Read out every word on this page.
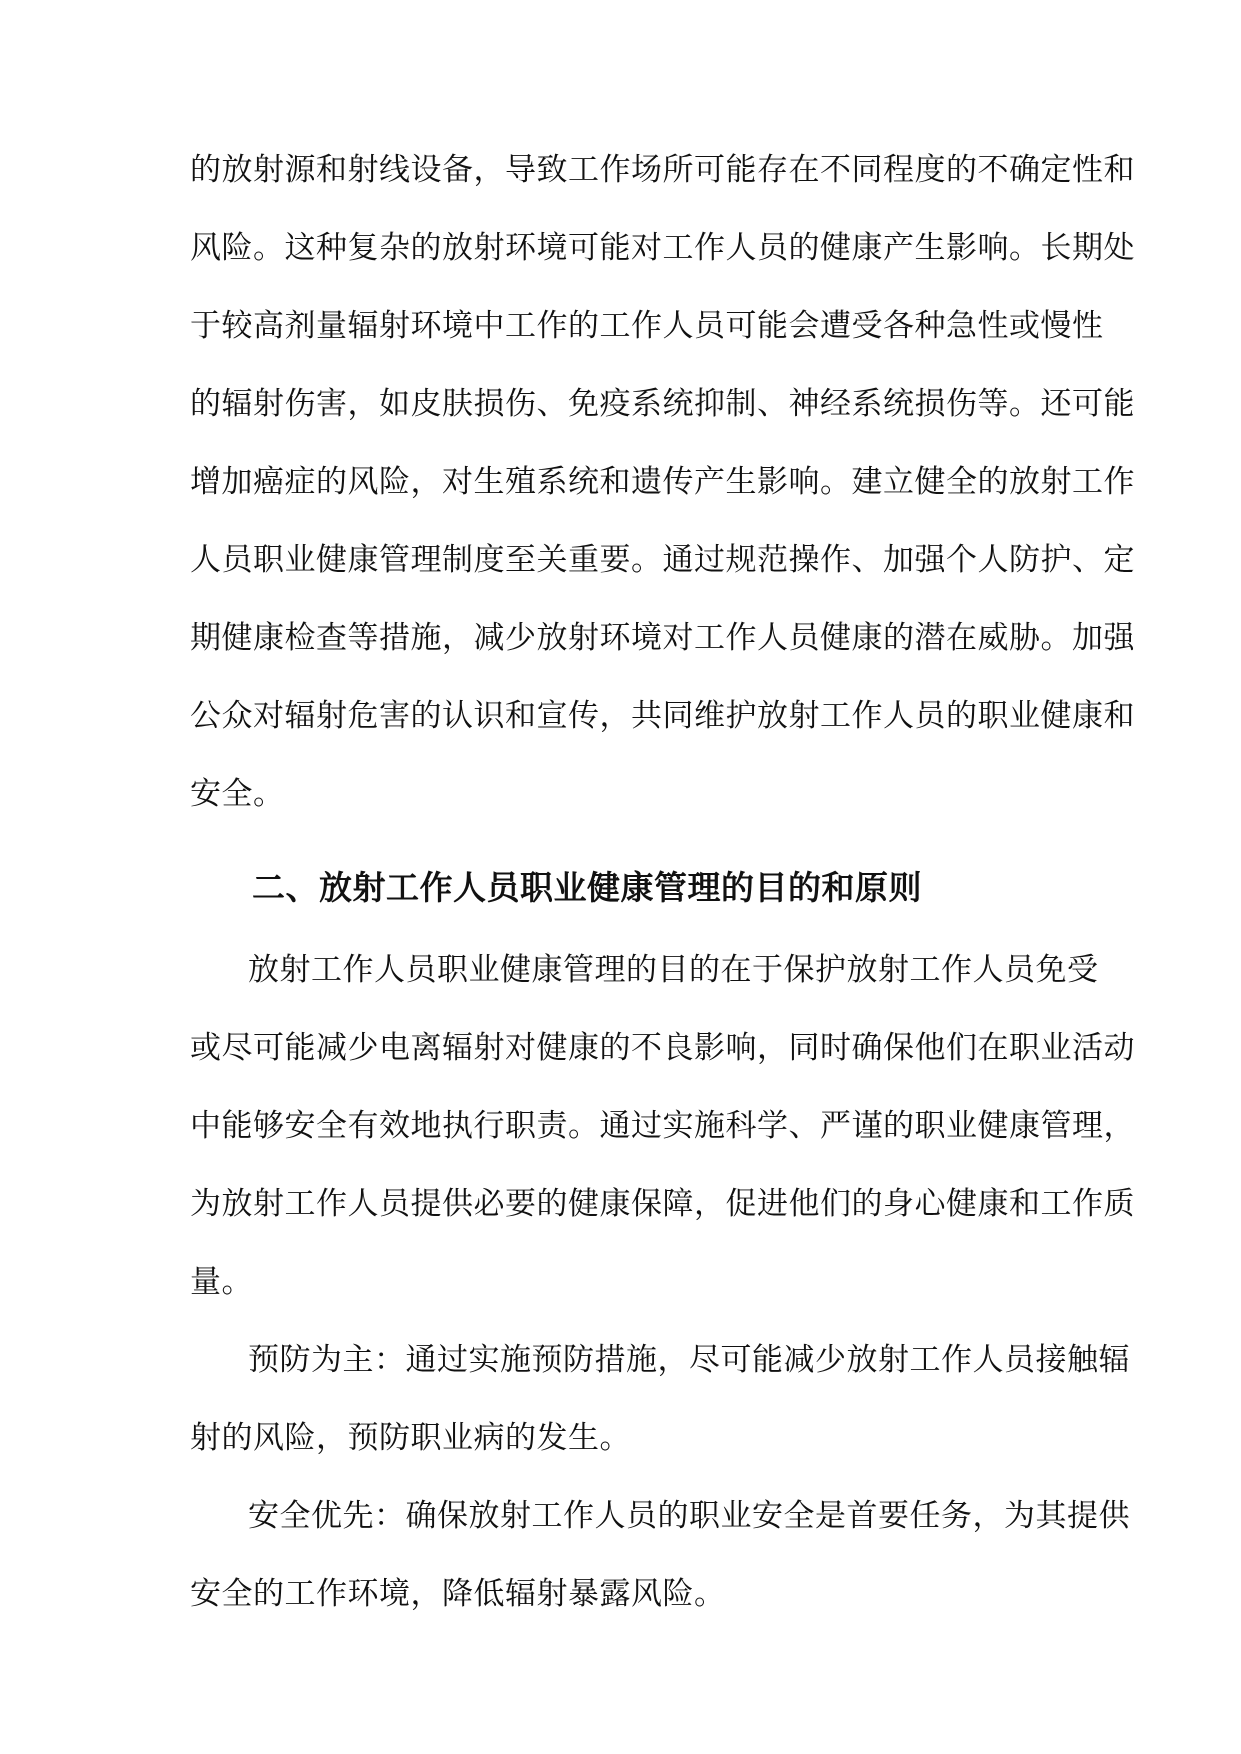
的放射源和射线设备，导致工作场所可能存在不同程度的不确定性和
风险。这种复杂的放射环境可能对工作人员的健康产生影响。长期处
于较高剂量辐射环境中工作的工作人员可能会遭受各种急性或慢性
的辐射伤害，如皮肤损伤、免疫系统抑制、神经系统损伤等。还可能
增加癌症的风险，对生殖系统和遗传产生影响。建立健全的放射工作
人员职业健康管理制度至关重要。通过规范操作、加强个人防护、定
期健康检查等措施，减少放射环境对工作人员健康的潜在威胁。加强
公众对辐射危害的认识和宣传，共同维护放射工作人员的职业健康和
安全。
二、放射工作人员职业健康管理的目的和原则
放射工作人员职业健康管理的目的在于保护放射工作人员免受
或尽可能减少电离辐射对健康的不良影响，同时确保他们在职业活动
中能够安全有效地执行职责。通过实施科学、严谨的职业健康管理，
为放射工作人员提供必要的健康保障，促进他们的身心健康和工作质
量。
预防为主：通过实施预防措施，尽可能减少放射工作人员接触辐
射的风险，预防职业病的发生。
安全优先：确保放射工作人员的职业安全是首要任务，为其提供
安全的工作环境，降低辐射暴露风险。
